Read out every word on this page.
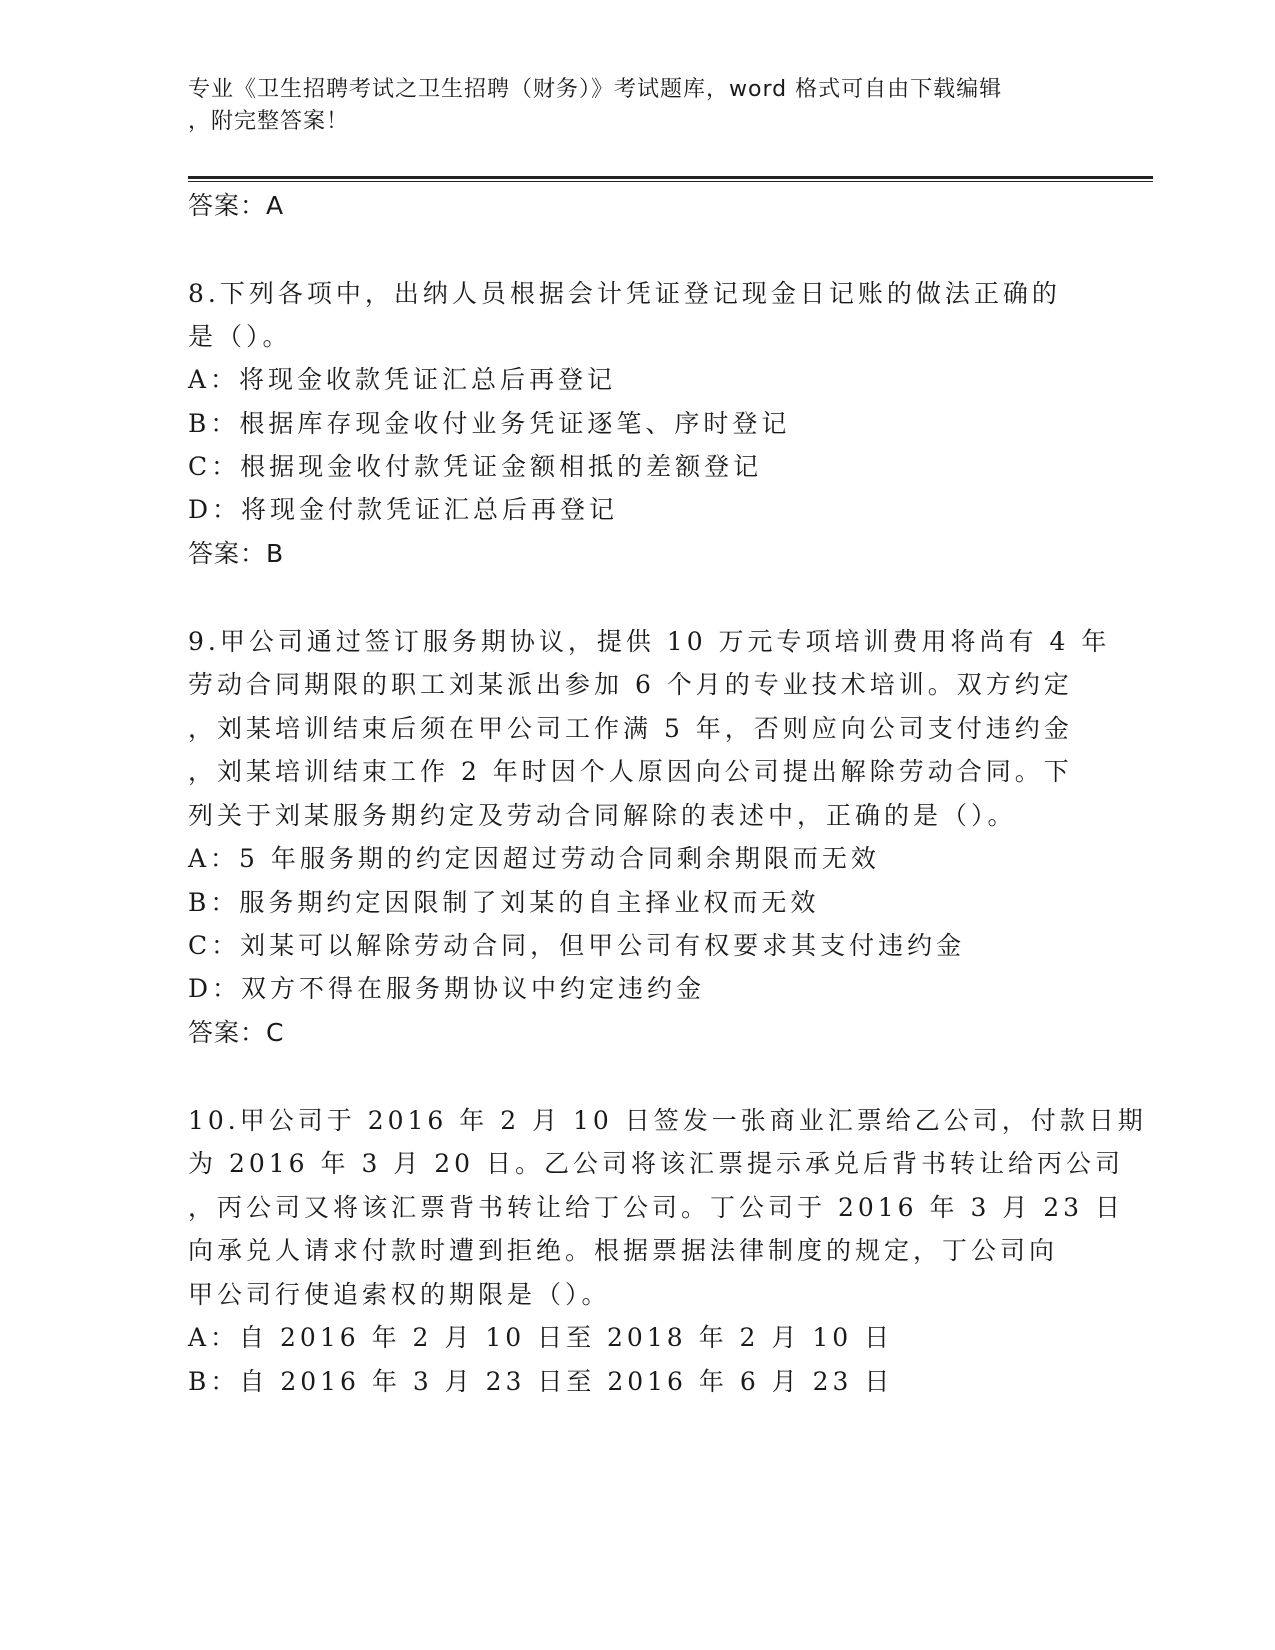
专业《卫生招聘考试之卫生招聘（财务）》考试题库，word 格式可自由下载编辑
，附完整答案！
答案：A
8.下列各项中，出纳人员根据会计凭证登记现金日记账的做法正确的
是（）。
A：将现金收款凭证汇总后再登记
B：根据库存现金收付业务凭证逐笔、序时登记
C：根据现金收付款凭证金额相抵的差额登记
D：将现金付款凭证汇总后再登记
答案：B
9.甲公司通过签订服务期协议，提供 10 万元专项培训费用将尚有 4 年
劳动合同期限的职工刘某派出参加 6 个月的专业技术培训。双方约定
，刘某培训结束后须在甲公司工作满 5 年，否则应向公司支付违约金
，刘某培训结束工作 2 年时因个人原因向公司提出解除劳动合同。下
列关于刘某服务期约定及劳动合同解除的表述中，正确的是（）。
A：5 年服务期的约定因超过劳动合同剩余期限而无效
B：服务期约定因限制了刘某的自主择业权而无效
C：刘某可以解除劳动合同，但甲公司有权要求其支付违约金
D：双方不得在服务期协议中约定违约金
答案：C
10.甲公司于 2016 年 2 月 10 日签发一张商业汇票给乙公司，付款日期
为 2016 年 3 月 20 日。乙公司将该汇票提示承兑后背书转让给丙公司
，丙公司又将该汇票背书转让给丁公司。丁公司于 2016 年 3 月 23 日
向承兑人请求付款时遭到拒绝。根据票据法律制度的规定，丁公司向
甲公司行使追索权的期限是（）。
A：自 2016 年 2 月 10 日至 2018 年 2 月 10 日
B：自 2016 年 3 月 23 日至 2016 年 6 月 23 日
